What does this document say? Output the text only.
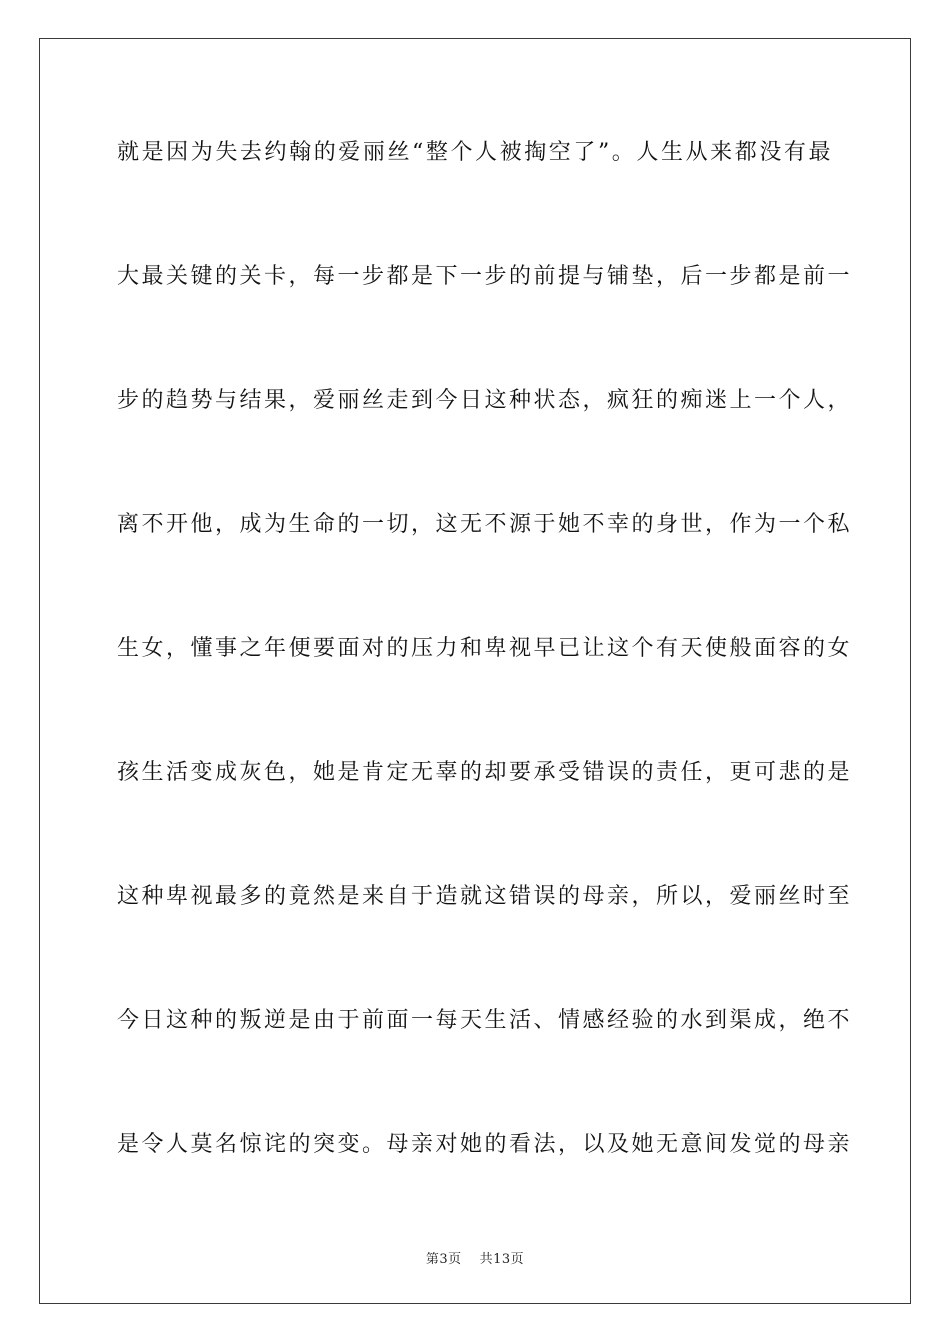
就是因为失去约翰的爱丽丝“整个人被掏空了”。人生从来都没有最
大最关键的关卡，每一步都是下一步的前提与铺垫，后一步都是前一
步的趋势与结果，爱丽丝走到今日这种状态，疯狂的痴迷上一个人，
离不开他，成为生命的一切，这无不源于她不幸的身世，作为一个私
生女，懂事之年便要面对的压力和卑视早已让这个有天使般面容的女
孩生活变成灰色，她是肯定无辜的却要承受错误的责任，更可悲的是
这种卑视最多的竟然是来自于造就这错误的母亲，所以，爱丽丝时至
今日这种的叛逆是由于前面一每天生活、情感经验的水到渠成，绝不
是令人莫名惊诧的突变。母亲对她的看法，以及她无意间发觉的母亲
第3页 共13页
